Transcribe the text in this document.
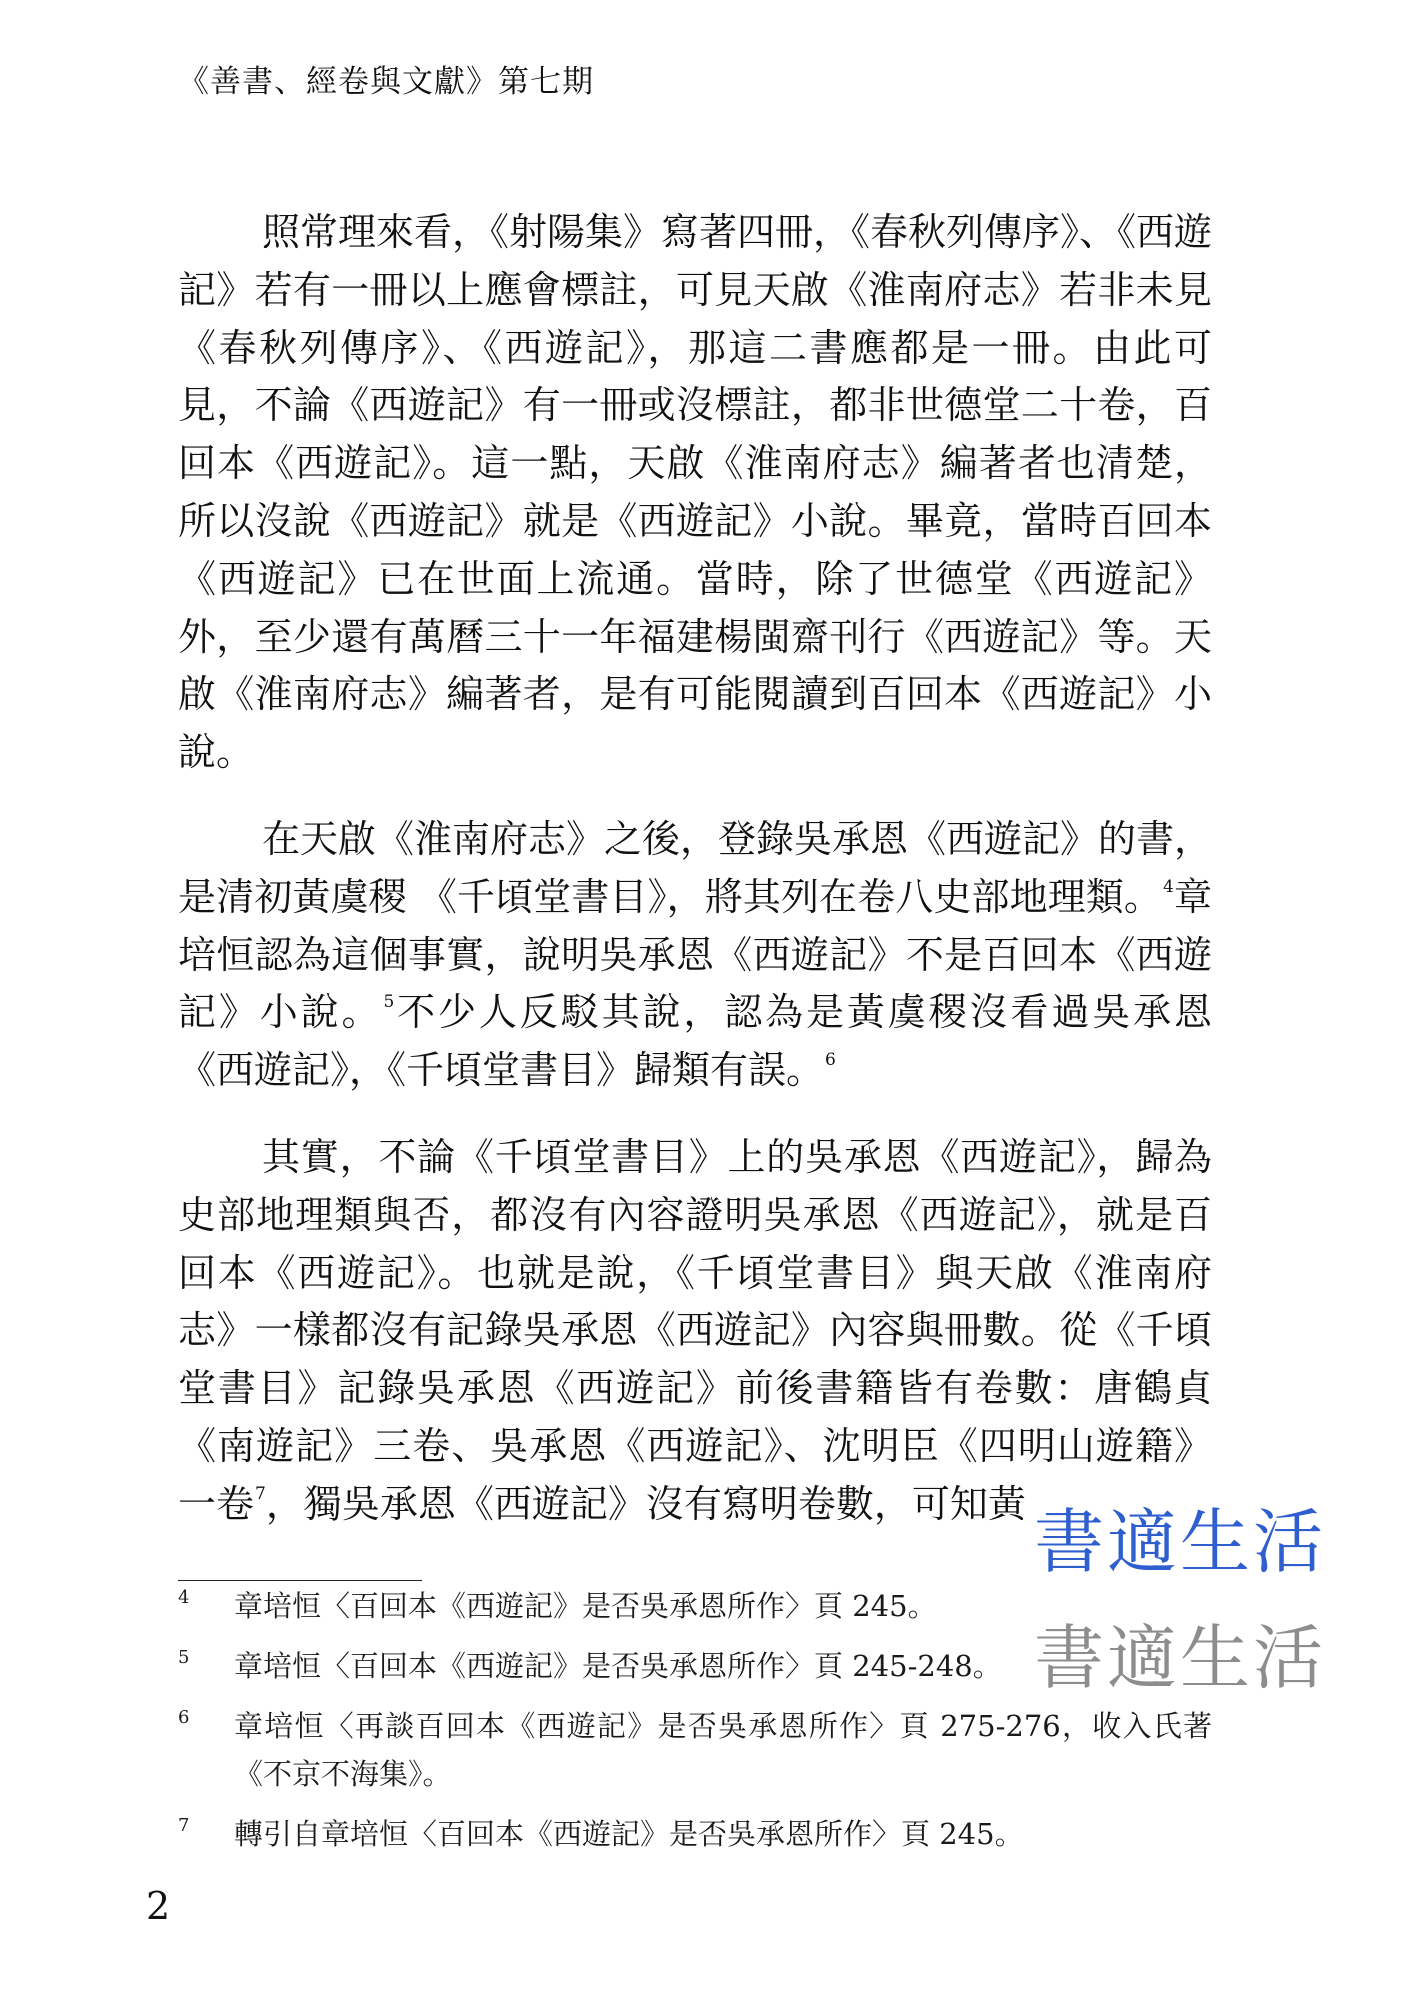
《善書、經卷與文獻》第七期

照常理來看，《射陽集》寫著四冊，《春秋列傳序》、《西遊記》若有一冊以上應會標註，可見天啟《淮南府志》若非未見《春秋列傳序》、《西遊記》，那這二書應都是一冊。由此可見，不論《西遊記》有一冊或沒標註，都非世德堂二十卷，百回本《西遊記》。這一點，天啟《淮南府志》編著者也清楚，所以沒說《西遊記》就是《西遊記》小說。畢竟，當時百回本《西遊記》已在世面上流通。當時，除了世德堂《西遊記》外，至少還有萬曆三十一年福建楊閩齋刊行《西遊記》等。天啟《淮南府志》編著者，是有可能閱讀到百回本《西遊記》小說。

在天啟《淮南府志》之後，登錄吳承恩《西遊記》的書，是清初黃虞稷 《千頃堂書目》，將其列在卷八史部地理類。$^4$章培恒認為這個事實，說明吳承恩《西遊記》不是百回本《西遊記》小說。$^5$不少人反駁其說，認為是黃虞稷沒看過吳承恩《西遊記》，《千頃堂書目》歸類有誤。$^6$

其實，不論《千頃堂書目》上的吳承恩《西遊記》，歸為史部地理類與否，都沒有內容證明吳承恩《西遊記》，就是百回本《西遊記》。也就是說，《千頃堂書目》與天啟《淮南府志》一樣都沒有記錄吳承恩《西遊記》內容與冊數。從《千頃堂書目》記錄吳承恩《西遊記》前後書籍皆有卷數：唐鶴貞《南遊記》三卷、吳承恩《西遊記》、沈明臣《四明山遊籍》一卷$^7$，獨吳承恩《西遊記》沒有寫明卷數，可知黃

4 章培恒〈百回本《西遊記》是否吳承恩所作〉頁 245。
5 章培恒〈百回本《西遊記》是否吳承恩所作〉頁 245-248。
6 章培恒〈再談百回本《西遊記》是否吳承恩所作〉頁 275-276，收入氏著《不京不海集》。
7 轉引自章培恒〈百回本《西遊記》是否吳承恩所作〉頁 245。
書適生活
書適生活
2
